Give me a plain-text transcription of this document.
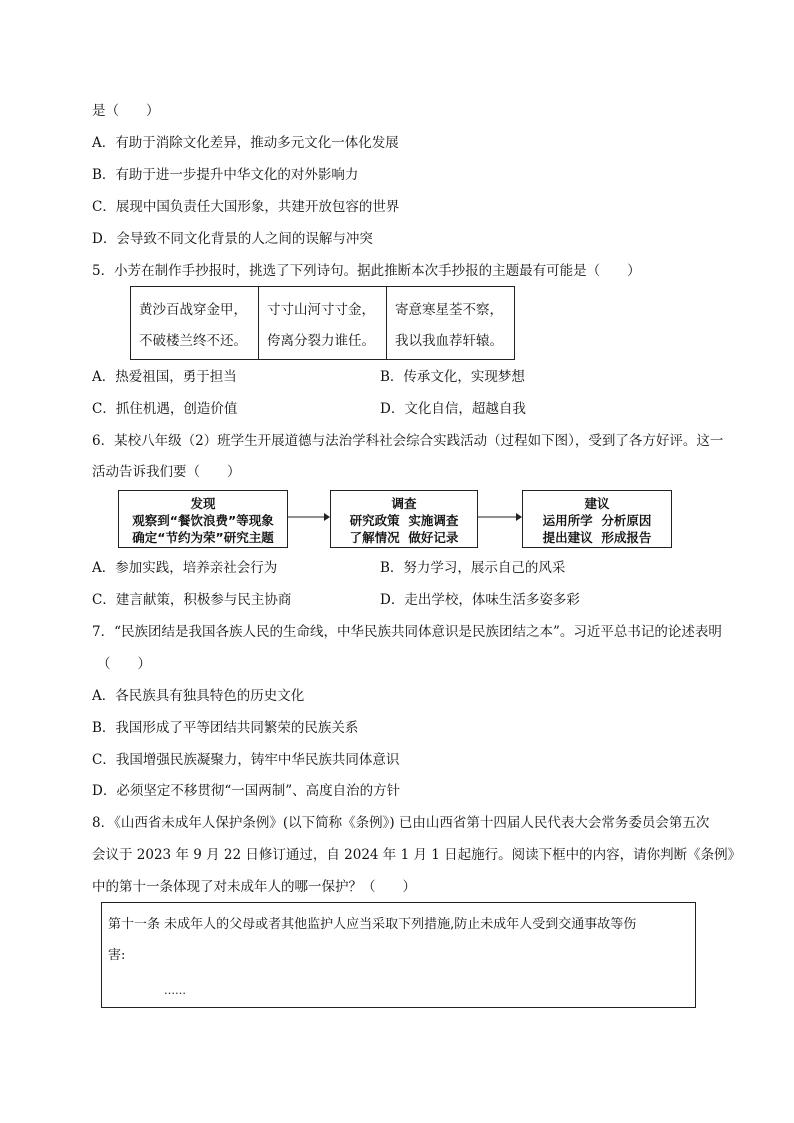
是（　　）
A．有助于消除文化差异，推动多元文化一体化发展
B．有助于进一步提升中华文化的对外影响力
C．展现中国负责任大国形象，共建开放包容的世界
D．会导致不同文化背景的人之间的误解与冲突
5．小芳在制作手抄报时，挑选了下列诗句。据此推断本次手抄报的主题最有可能是（　　）
黄沙百战穿金甲，
不破楼兰终不还。
寸寸山河寸寸金，
侉离分裂力谁任。
寄意寒星荃不察，
我以我血荐轩辕。
A．热爱祖国，勇于担当	B．传承文化，实现梦想
C．抓住机遇，创造价值	D．文化自信，超越自我
6．某校八年级（2）班学生开展道德与法治学科社会综合实践活动（过程如下图），受到了各方好评。这一
活动告诉我们要（　　）
发现
观察到“餐饮浪费”等现象
确定“节约为荣”研究主题
调查
研究政策  实施调查
了解情况  做好记录
建议
运用所学  分析原因
提出建议  形成报告
A．参加实践，培养亲社会行为	B．努力学习，展示自己的风采
C．建言献策，积极参与民主协商	D．走出学校，体味生活多姿多彩
7．“民族团结是我国各族人民的生命线，中华民族共同体意识是民族团结之本”。习近平总书记的论述表明
（　　）
A．各民族具有独具特色的历史文化
B．我国形成了平等团结共同繁荣的民族关系
C．我国增强民族凝聚力，铸牢中华民族共同体意识
D．必须坚定不移贯彻“一国两制”、高度自治的方针
8．《山西省未成年人保护条例》(以下简称《条例》) 已由山西省第十四届人民代表大会常务委员会第五次
会议于 2023 年 9 月 22 日修订通过，自 2024 年 1 月 1 日起施行。阅读下框中的内容，请你判断《条例》
中的第十一条体现了对未成年人的哪一保护？（　　）
第十一条 未成年人的父母或者其他监护人应当采取下列措施,防止未成年人受到交通事故等伤
害:
……
